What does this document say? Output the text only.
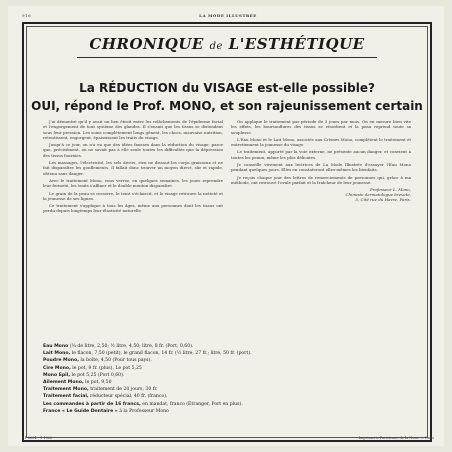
916	LA MODE ILLUSTRÉE
CHRONIQUE de L'ESTHÉTIQUE
La RÉDUCTION du VISAGE est-elle possible?
OUI, répond le Prof. MONO, et son rajeunissement certain

J'ai démontré qu'il y avait un lien étroit entre les relâchements de l'épiderme facial et l'engorgement de tout système des glandes. Il s'ensuit que les tissus se distendent sous leur pression. Les soins complétement longs gênent, les chocs, mauvaise nutrition, retentissent, engorgent, épaississent les traits du visage.

Jusqu'à ce jour, on n'a eu que des idées fausses dans la réduction du visage, parce que, précisément, on ne savait pas à elle seule toutes les difficultés que la dépression des tissus fournies.

Les massages, l'électricité, les sels divers, rien ne dissout les corps graisseux et ne fait disparaître les gonflements. Il fallait donc trouver un moyen direct, sûr et rapide, obtenu sans danger.

Avec le traitement Mono, vous verrez, en quelques semaines, les joues reprendre leur fermeté, les traits s'affiner et le double menton disparaître.

Le grain de la peau se resserre, le teint s'éclaircit, et le visage retrouve la netteté et la jeunesse de ses lignes.

Ce traitement s'applique à tous les âges, même aux personnes dont les tissus ont perdu depuis longtemps leur élasticité naturelle.

On applique le traitement par période de 3 jours par mois. On en mesure bien vite les effets, les boursouflures des tissus se résorbent et la peau reprend toute sa souplesse.

L'Eau Mono et le Lait Mono, associés aux Crèmes Mono, complètent le traitement et entretiennent la jeunesse du visage.

Le traitement, apporté par la voie externe, ne présente aucun danger, et convient à toutes les peaux, même les plus délicates.

Je conseille vivement aux lectrices de La Mode Illustrée d'essayer l'Eau Mono pendant quelques jours. Elles en constateront elles-mêmes les bienfaits.

Je reçois chaque jour des lettres de remerciements de personnes qui, grâce à ma méthode, ont retrouvé l'ovale parfait et la fraîcheur de leur jeunesse.

Professeur L. Mono,
Chimiste dermatologue breveté,
5, Cité rue du Havre, Paris.
Eau Mono (¼ de litre, 2,50; ½ litre, 4,50; litre, 8 fr. (Port, 0,60).
Lait Mono, le flacon, 7,50 (petit), le grand flacon, 14 fr. (½ litre, 27 fr.; litre, 50 fr. (port).
Poudre Mono, la boîte, 4,50 (Pour tous pays).
Cire Mono, le pot, 9 fr. (plus). Le pot 5,25
Mono Epil, le pot 5,25 (Port 0,60).
Ailement Mono, le pot, 9,50
Traitement Mono, traitement de 20 jours, 30 fr.
Traitement facial, réducteur spécial, 40 fr. (franco).
Les commandes à partir de 16 francs, en mandat, franco (Etranger, Port en plus).
France « Le Guide Dentaire » à la Professeur Mono
21-8004 - 1-1922	Imprimerie Parisienne de la Nouv. — Paris
